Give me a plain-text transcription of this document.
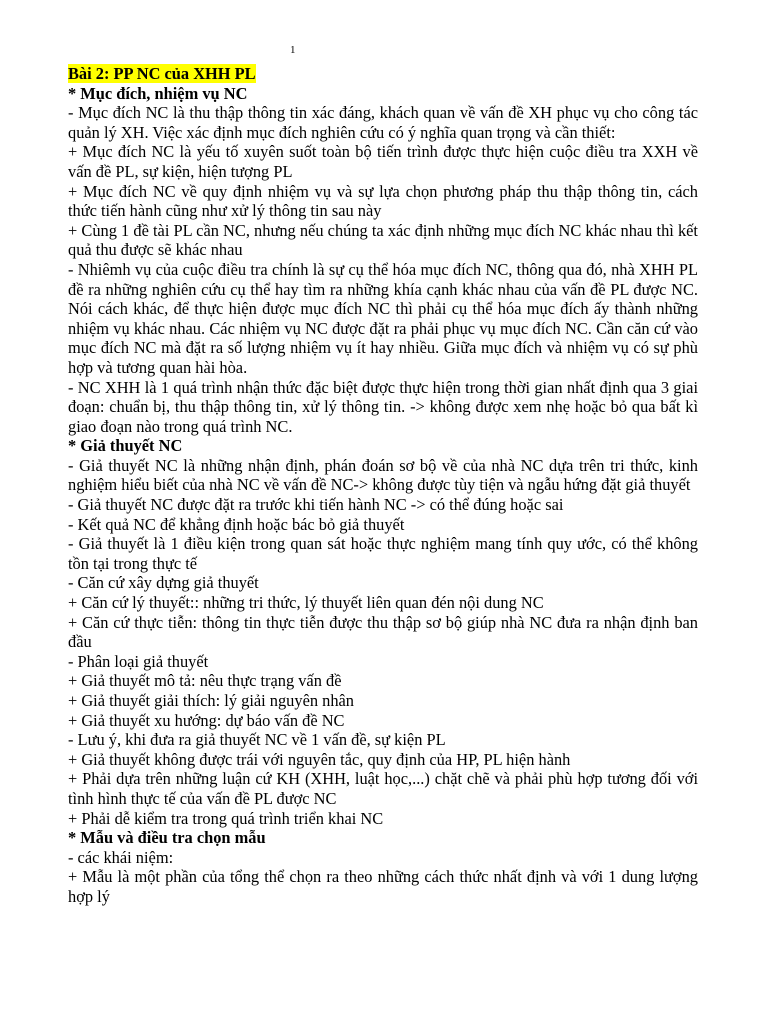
1

Bài 2: PP NC của XHH PL

* Mục đích, nhiệm vụ NC

- Mục đích NC là thu thập thông tin xác đáng, khách quan về vấn đề XH phục vụ cho công tác quản lý XH. Việc xác định mục đích nghiên cứu có ý nghĩa quan trọng và cần thiết:

+ Mục đích NC là yếu tố xuyên suốt toàn bộ tiến trình được thực hiện cuộc điều tra XXH về vấn đề PL, sự kiện, hiện tượng PL

+ Mục đích NC về quy định nhiệm vụ và sự lựa chọn phương pháp thu thập thông tin, cách thức tiến hành cũng như xử lý thông tin sau này

+ Cùng 1 đề tài PL cần NC, nhưng nếu chúng ta xác định những mục đích NC khác nhau thì kết quả thu được sẽ khác nhau

- Nhiêmh vụ của cuộc điều tra chính là sự cụ thể hóa mục đích NC, thông qua đó, nhà XHH PL đề ra những nghiên cứu cụ thể hay tìm ra những khía cạnh khác nhau của vấn đề PL được NC. Nói cách khác, để thực hiện được mục đích NC thì phải cụ thể hóa mục đích ấy thành những nhiệm vụ khác nhau. Các nhiệm vụ NC được đặt ra phải phục vụ mục đích NC. Cần căn cứ vào mục đích NC mà đặt ra số lượng nhiệm vụ ít hay nhiều. Giữa mục đích và nhiệm vụ có sự phù hợp và tương quan hài hòa.

- NC XHH là 1 quá trình nhận thức đặc biệt được thực hiện trong thời gian nhất định qua 3 giai đoạn: chuẩn bị, thu thập thông tin, xử lý thông tin. -> không được xem nhẹ hoặc bỏ qua bất kì giao đoạn nào trong quá trình NC.

* Giả thuyết NC

- Giả thuyết NC là những nhận định, phán đoán sơ bộ về của nhà NC dựa trên tri thức, kinh nghiệm hiểu biết của nhà NC về vấn đề NC-> không được tùy tiện và ngẫu hứng đặt giả thuyết

- Giả thuyết NC được đặt ra trước khi tiến hành NC -> có thể đúng hoặc sai

- Kết quả NC để khẳng định hoặc bác bỏ giả thuyết

- Giả thuyết là 1 điều kiện trong quan sát hoặc thực nghiệm mang tính quy ước, có thể không tồn tại trong thực tế

- Căn cứ xây dựng giả thuyết

+ Căn cứ lý thuyết:: những tri thức, lý thuyết liên quan đén nội dung NC

+ Căn cứ thực tiễn: thông tin thực tiễn được thu thập sơ bộ giúp nhà NC đưa ra nhận định ban đầu

- Phân loại giả thuyết

+ Giả thuyết mô tả: nêu thực trạng vấn đề

+ Giả thuyết giải thích: lý giải nguyên nhân

+ Giả thuyết xu hướng: dự báo vấn đề NC

- Lưu ý, khi đưa ra giả thuyết NC về 1 vấn đề, sự kiện PL

+ Giả thuyết không được trái với nguyên tắc, quy định của HP, PL hiện hành

+ Phải dựa trên những luận cứ KH (XHH, luật học,...) chặt chẽ và phải phù hợp tương đối với tình hình thực tế của vấn đề PL được NC

+ Phải dễ kiểm tra trong quá trình triển khai NC

* Mẫu và điều tra chọn mẫu

- các khái niệm:

+ Mẫu là một phần của tổng thể chọn ra theo những cách thức nhất định và với 1 dung lượng hợp lý
